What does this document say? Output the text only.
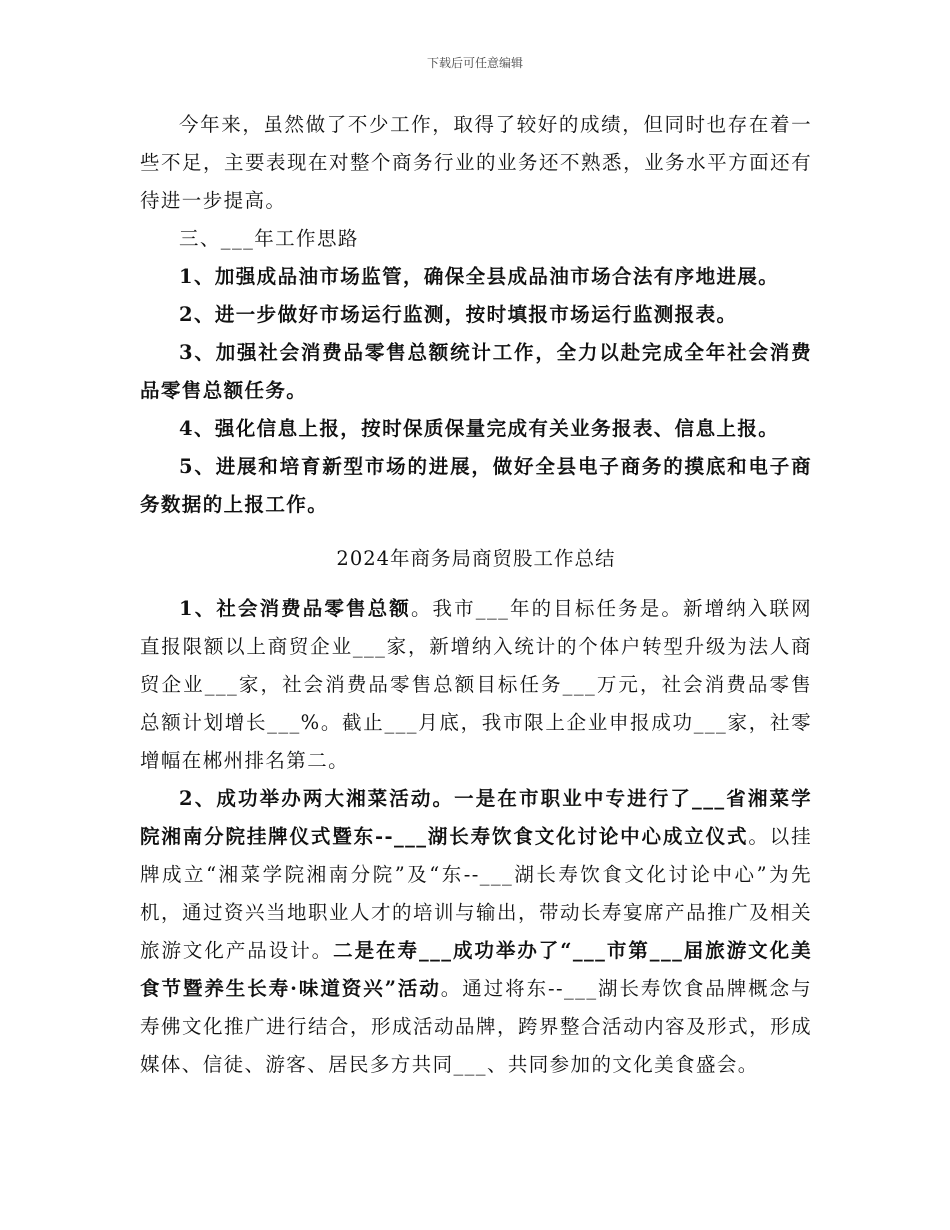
下载后可任意编辑

今年来，虽然做了不少工作，取得了较好的成绩，但同时也存在着一些不足，主要表现在对整个商务行业的业务还不熟悉，业务水平方面还有待进一步提高。

三、___年工作思路

1、加强成品油市场监管，确保全县成品油市场合法有序地进展。

2、进一步做好市场运行监测，按时填报市场运行监测报表。

3、加强社会消费品零售总额统计工作，全力以赴完成全年社会消费品零售总额任务。

4、强化信息上报，按时保质保量完成有关业务报表、信息上报。

5、进展和培育新型市场的进展，做好全县电子商务的摸底和电子商务数据的上报工作。

2024年商务局商贸股工作总结

1、社会消费品零售总额。我市___年的目标任务是。新增纳入联网直报限额以上商贸企业___家，新增纳入统计的个体户转型升级为法人商贸企业___家，社会消费品零售总额目标任务___万元，社会消费品零售总额计划增长___%。截止___月底，我市限上企业申报成功___家，社零增幅在郴州排名第二。

2、成功举办两大湘菜活动。一是在市职业中专进行了___省湘菜学院湘南分院挂牌仪式暨东--___湖长寿饮食文化讨论中心成立仪式。以挂牌成立“湘菜学院湘南分院”及“东--___湖长寿饮食文化讨论中心”为先机，通过资兴当地职业人才的培训与输出，带动长寿宴席产品推广及相关旅游文化产品设计。二是在寿___成功举办了“___市第___届旅游文化美食节暨养生长寿·味道资兴”活动。通过将东--___湖长寿饮食品牌概念与寿佛文化推广进行结合，形成活动品牌，跨界整合活动内容及形式，形成媒体、信徒、游客、居民多方共同___、共同参加的文化美食盛会。
